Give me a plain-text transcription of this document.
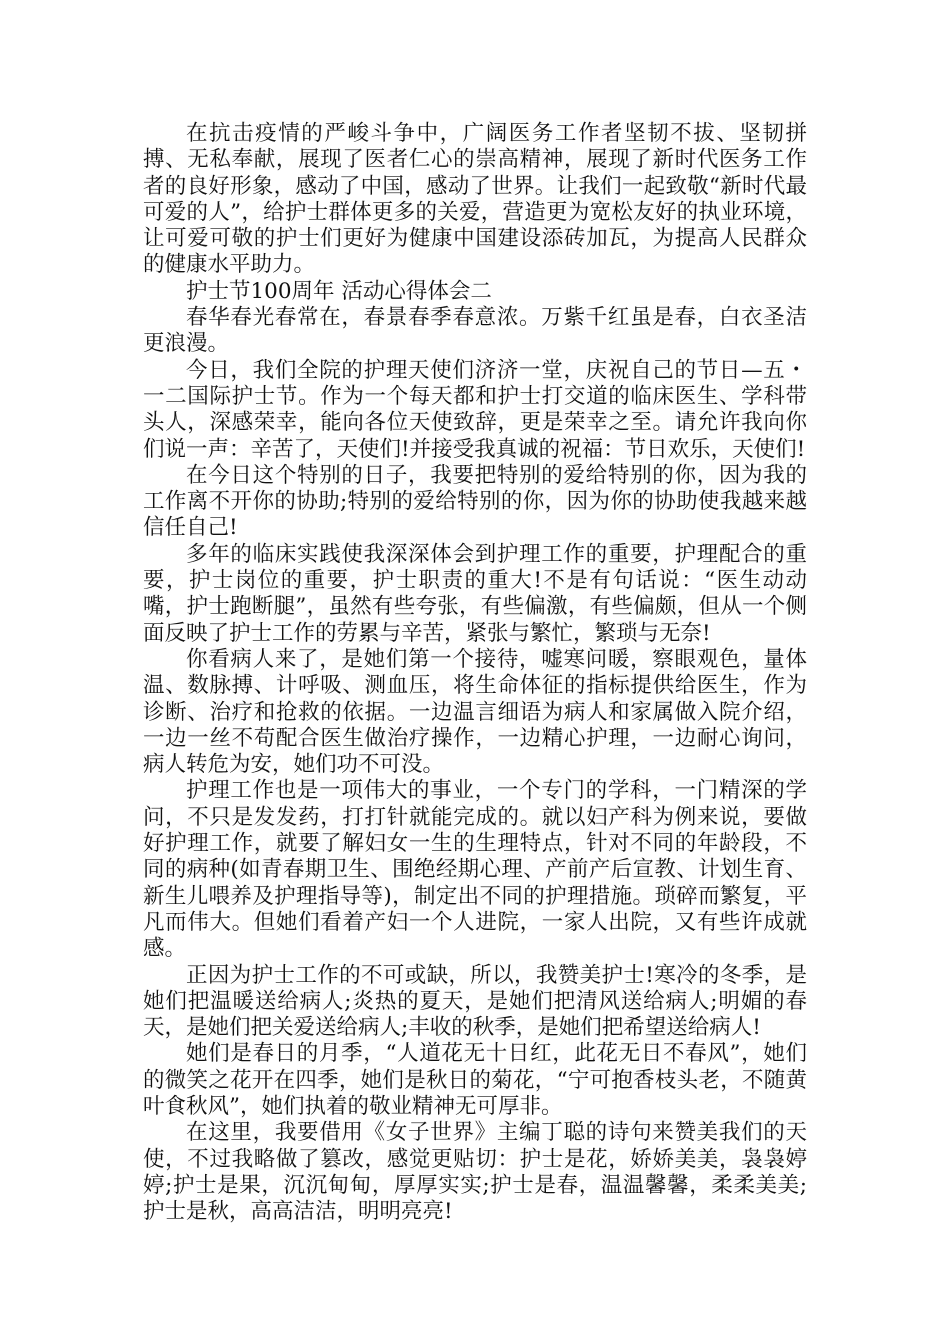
在抗击疫情的严峻斗争中，广阔医务工作者坚韧不拔、坚韧拼搏、无私奉献，展现了医者仁心的崇高精神，展现了新时代医务工作者的良好形象，感动了中国，感动了世界。让我们一起致敬“新时代最可爱的人”，给护士群体更多的关爱，营造更为宽松友好的执业环境，让可爱可敬的护士们更好为健康中国建设添砖加瓦，为提高人民群众的健康水平助力。

护士节100周年 活动心得体会二

春华春光春常在，春景春季春意浓。万紫千红虽是春，白衣圣洁更浪漫。

今日，我们全院的护理天使们济济一堂，庆祝自己的节日—五・一二国际护士节。作为一个每天都和护士打交道的临床医生、学科带头人，深感荣幸，能向各位天使致辞，更是荣幸之至。请允许我向你们说一声：辛苦了，天使们!并接受我真诚的祝福：节日欢乐，天使们!

在今日这个特别的日子，我要把特别的爱给特别的你，因为我的工作离不开你的协助;特别的爱给特别的你，因为你的协助使我越来越信任自己!

多年的临床实践使我深深体会到护理工作的重要，护理配合的重要，护士岗位的重要，护士职责的重大!不是有句话说：“医生动动嘴，护士跑断腿”，虽然有些夸张，有些偏激，有些偏颇，但从一个侧面反映了护士工作的劳累与辛苦，紧张与繁忙，繁琐与无奈!

你看病人来了，是她们第一个接待，嘘寒问暖，察眼观色，量体温、数脉搏、计呼吸、测血压，将生命体征的指标提供给医生，作为诊断、治疗和抢救的依据。一边温言细语为病人和家属做入院介绍，一边一丝不苟配合医生做治疗操作，一边精心护理，一边耐心询问，病人转危为安，她们功不可没。

护理工作也是一项伟大的事业，一个专门的学科，一门精深的学问，不只是发发药，打打针就能完成的。就以妇产科为例来说，要做好护理工作，就要了解妇女一生的生理特点，针对不同的年龄段，不同的病种(如青春期卫生、围绝经期心理、产前产后宣教、计划生育、新生儿喂养及护理指导等)，制定出不同的护理措施。琐碎而繁复，平凡而伟大。但她们看着产妇一个人进院，一家人出院，又有些许成就感。

正因为护士工作的不可或缺，所以，我赞美护士!寒冷的冬季，是她们把温暖送给病人;炎热的夏天，是她们把清风送给病人;明媚的春天，是她们把关爱送给病人;丰收的秋季，是她们把希望送给病人!

她们是春日的月季，“人道花无十日红，此花无日不春风”，她们的微笑之花开在四季，她们是秋日的菊花，“宁可抱香枝头老，不随黄叶食秋风”，她们执着的敬业精神无可厚非。

在这里，我要借用《女子世界》主编丁聪的诗句来赞美我们的天使，不过我略做了篡改，感觉更贴切：护士是花，娇娇美美，袅袅婷婷;护士是果，沉沉甸甸，厚厚实实;护士是春，温温馨馨，柔柔美美;护士是秋，高高洁洁，明明亮亮!
